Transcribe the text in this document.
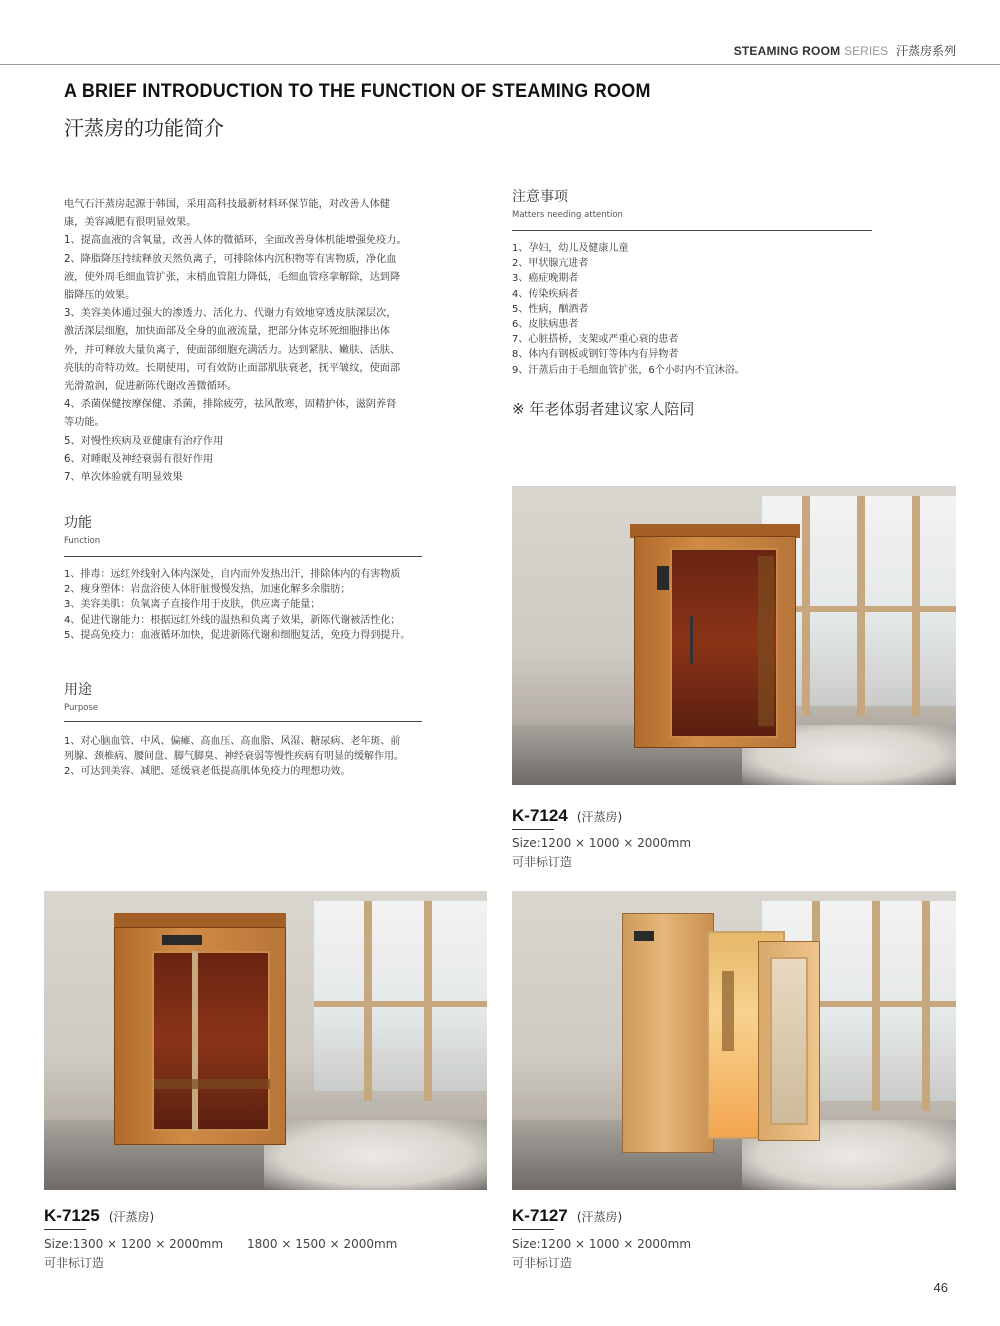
STEAMING ROOM SERIES 汗蒸房系列
A BRIEF INTRODUCTION TO THE FUNCTION OF STEAMING ROOM
汗蒸房的功能简介

电气石汗蒸房起源于韩国，采用高科技最新材料环保节能，对改善人体健

康，美容减肥有很明显效果。

1、提高血液的含氧量，改善人体的微循环，全面改善身体机能增强免疫力。

2、降脂降压持续释放天然负离子，可排除体内沉积物等有害物质，净化血

液，使外周毛细血管扩张，末梢血管阻力降低，毛细血管痉挛解除，达到降

脂降压的效果。

3、美容美体通过强大的渗透力、活化力、代谢力有效地穿透皮肤深层次，

激活深层细胞，加快面部及全身的血液流量，把部分体克坏死细胞排出体

外，并可释放大量负离子，使面部细胞充满活力。达到紧肤、嫩肤、活肤、

亮肤的奇特功效。长期使用，可有效防止面部肌肤衰老，抚平皱纹，使面部

光滑盈润，促进新陈代谢改善微循环。

4、杀菌保健按摩保健、杀菌，排除疲劳，祛风散寒，固精护体，滋阴养肾

等功能。

5、对慢性疾病及亚健康有治疗作用

6、对睡眠及神经衰弱有很好作用

7、单次体验就有明显效果

功能
Function

1、排毒：远红外线射入体内深处，自内而外发热出汗，排除体内的有害物质

2、瘦身塑体：岩盘浴使人体肝脏慢慢发热，加速化解多余脂肪；

3、美容美肌：负氧离子直接作用于皮肤，供应离子能量；

4、促进代谢能力：根据远红外线的温热和负离子效果，新陈代谢被活性化；

5、提高免疫力：血液循环加快，促进新陈代谢和细胞复活，免疫力得到提升。

用途
Purpose

1、对心脑血管、中风、偏瘫、高血压、高血脂、风湿、糖尿病、老年斑、前

列腺、颈椎病、腰间盘、脚气脚臭、神经衰弱等慢性疾病有明显的缓解作用。

2、可达到美容、减肥、延缓衰老低提高肌体免疫力的理想功效。

注意事项
Matters needing attention

1、孕妇，幼儿及健康儿童

2、甲状腺亢进者

3、癌症晚期者

4、传染疾病者

5、性病，酗酒者

6、皮肤病患者

7、心脏搭桥，支架或严重心衰的患者

8、体内有钢板或钢钉等体内有异物者

9、汗蒸后由于毛细血管扩张，6个小时内不宜沐浴。

※ 年老体弱者建议家人陪同
K-7124 (汗蒸房)
Size:1200 × 1000 × 2000mm
可非标订造
K-7125 (汗蒸房)
Size:1300 × 1200 × 2000mm
可非标订造
1800 × 1500 × 2000mm
K-7127 (汗蒸房)
Size:1200 × 1000 × 2000mm
可非标订造
46
